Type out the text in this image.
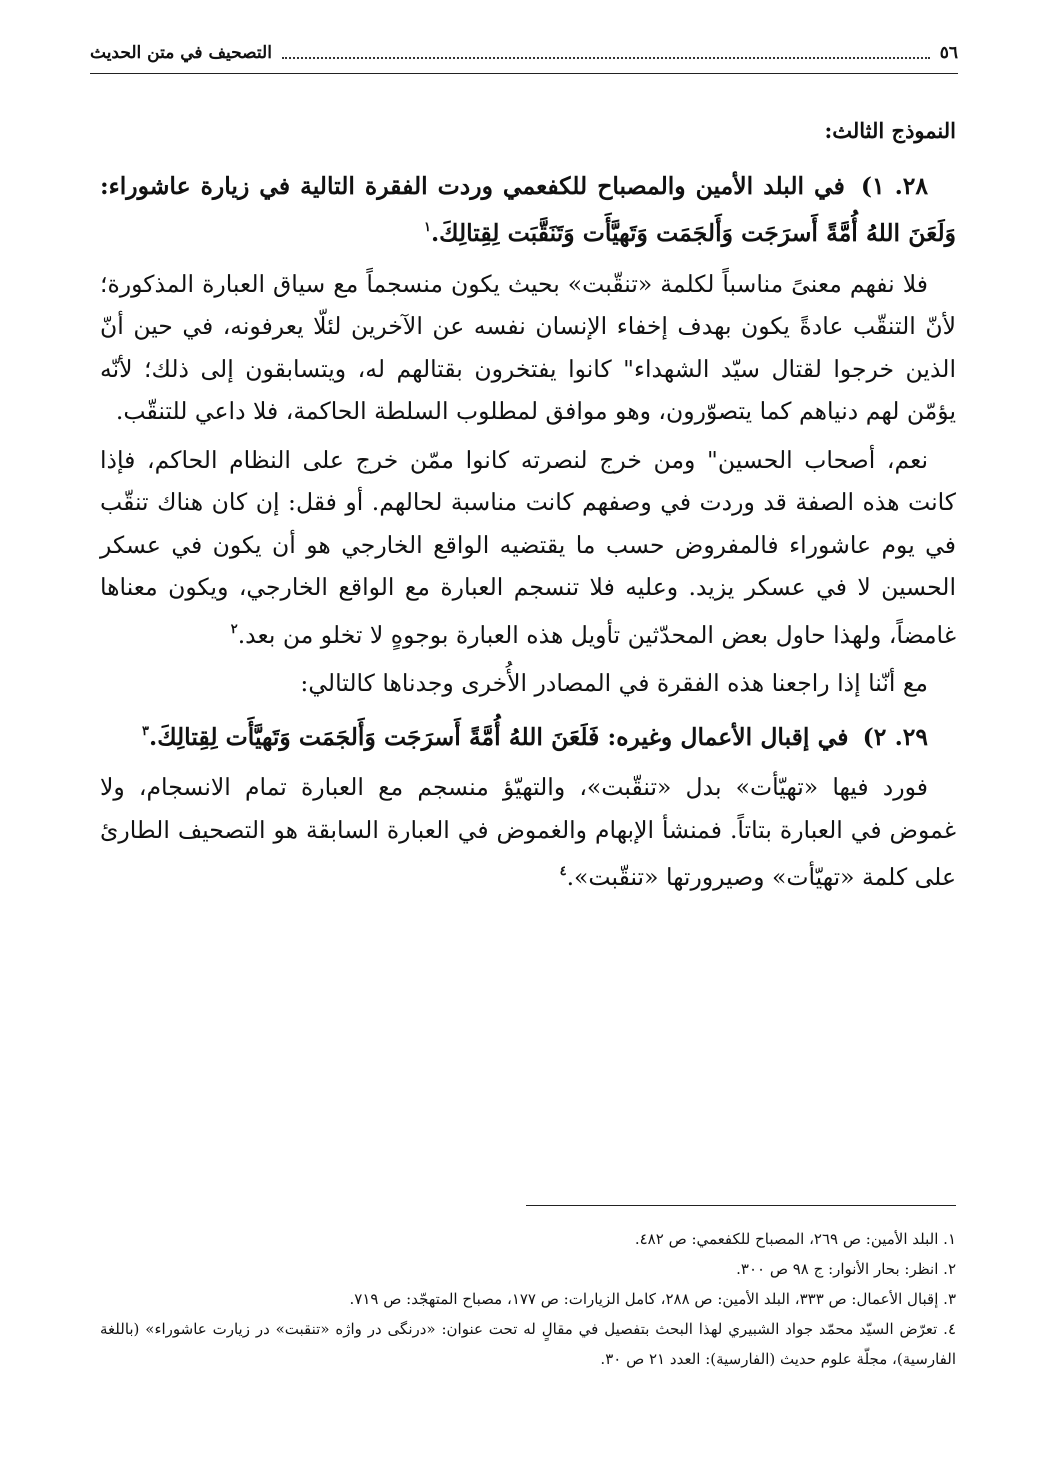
٥٦
التصحيف في متن الحديث

النموذج الثالث:

٢٨. ١) في البلد الأمين والمصباح للكفعمي وردت الفقرة التالية في زيارة عاشوراء: وَلَعَنَ اللهُ أُمَّةً أَسرَجَت وَأَلجَمَت وَتَهيَّأَت وَتَنَقَّبَت لِقِتالِكَ.$^١$

فلا نفهم معنىً مناسباً لكلمة «تنقّبت» بحيث يكون منسجماً مع سياق العبارة المذكورة؛ لأنّ التنقّب عادةً يكون بهدف إخفاء الإنسان نفسه عن الآخرين لئلّا يعرفونه، في حين أنّ الذين خرجوا لقتال سيّد الشهداء" كانوا يفتخرون بقتالهم له، ويتسابقون إلى ذلك؛ لأنّه يؤمّن لهم دنياهم كما يتصوّرون، وهو موافق لمطلوب السلطة الحاكمة، فلا داعي للتنقّب.

نعم، أصحاب الحسين" ومن خرج لنصرته كانوا ممّن خرج على النظام الحاكم، فإذا كانت هذه الصفة قد وردت في وصفهم كانت مناسبة لحالهم. أو فقل: إن كان هناك تنقّب في يوم عاشوراء فالمفروض حسب ما يقتضيه الواقع الخارجي هو أن يكون في عسكر الحسين لا في عسكر يزيد. وعليه فلا تنسجم العبارة مع الواقع الخارجي، ويكون معناها غامضاً، ولهذا حاول بعض المحدّثين تأويل هذه العبارة بوجوهٍ لا تخلو من بعد.$^٢$

مع أنّنا إذا راجعنا هذه الفقرة في المصادر الأُخرى وجدناها كالتالي:

٢٩. ٢) في إقبال الأعمال وغيره: فَلَعَنَ اللهُ أُمَّةً أَسرَجَت وَأَلجَمَت وَتَهيَّأَت لِقِتالِكَ.$^٣$

فورد فيها «تهيّأت» بدل «تنقّبت»، والتهيّؤ منسجم مع العبارة تمام الانسجام، ولا غموض في العبارة بتاتاً. فمنشأ الإبهام والغموض في العبارة السابقة هو التصحيف الطارئ على كلمة «تهيّأت» وصيرورتها «تنقّبت».$^٤$

١. البلد الأمين: ص ٢٦٩، المصباح للكفعمي: ص ٤٨٢.

٢. انظر: بحار الأنوار: ج ٩٨ ص ٣٠٠.

٣. إقبال الأعمال: ص ٣٣٣، البلد الأمين: ص ٢٨٨، كامل الزيارات: ص ١٧٧، مصباح المتهجّد: ص ٧١٩.

٤. تعرّض السيّد محمّد جواد الشبيري لهذا البحث بتفصيل في مقالٍ له تحت عنوان: «درنگى در واژه «تنقبت» در زيارت عاشوراء» (باللغة الفارسية)، مجلّة علوم حديث (الفارسية): العدد ٢١ ص ٣٠.
